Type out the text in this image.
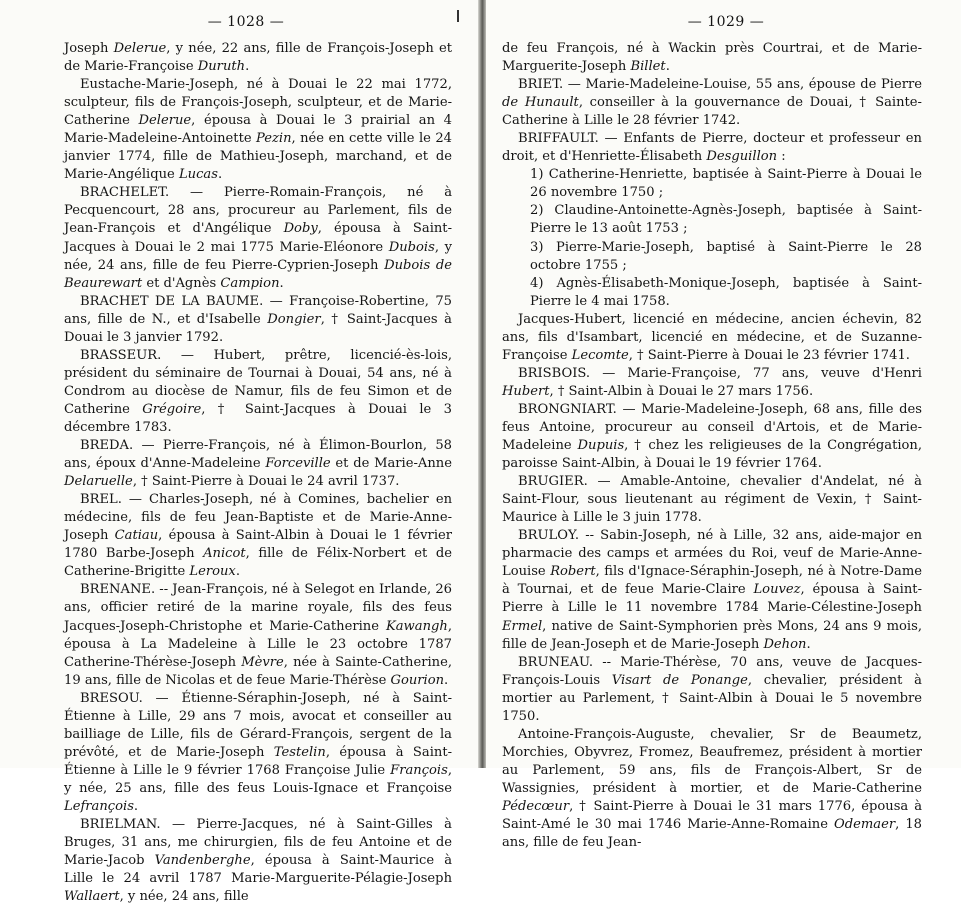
— 1028 —

Joseph Delerue, y née, 22 ans, fille de François-Joseph et de Marie-Françoise Duruth.

Eustache-Marie-Joseph, né à Douai le 22 mai 1772, sculpteur, fils de François-Joseph, sculpteur, et de Marie-Catherine Delerue, épousa à Douai le 3 prairial an 4 Marie-Madeleine-Antoinette Pezin, née en cette ville le 24 janvier 1774, fille de Mathieu-Joseph, marchand, et de Marie-Angélique Lucas.

BRACHELET. — Pierre-Romain-François, né à Pecquencourt, 28 ans, procureur au Parlement, fils de Jean-François et d'Angélique Doby, épousa à Saint-Jacques à Douai le 2 mai 1775 Marie-Eléonore Dubois, y née, 24 ans, fille de feu Pierre-Cyprien-Joseph Dubois de Beaurewart et d'Agnès Campion.

BRACHET DE LA BAUME. — Françoise-Robertine, 75 ans, fille de N., et d'Isabelle Dongier, † Saint-Jacques à Douai le 3 janvier 1792.

BRASSEUR. — Hubert, prêtre, licencié-ès-lois, président du séminaire de Tournai à Douai, 54 ans, né à Condrom au diocèse de Namur, fils de feu Simon et de Catherine Grégoire, † Saint-Jacques à Douai le 3 décembre 1783.

BREDA. — Pierre-François, né à Élimon-Bourlon, 58 ans, époux d'Anne-Madeleine Forceville et de Marie-Anne Delaruelle, † Saint-Pierre à Douai le 24 avril 1737.

BREL. — Charles-Joseph, né à Comines, bachelier en médecine, fils de feu Jean-Baptiste et de Marie-Anne-Joseph Catiau, épousa à Saint-Albin à Douai le 1 février 1780 Barbe-Joseph Anicot, fille de Félix-Norbert et de Catherine-Brigitte Leroux.

BRENANE. -- Jean-François, né à Selegot en Irlande, 26 ans, officier retiré de la marine royale, fils des feus Jacques-Joseph-Christophe et Marie-Catherine Kawangh, épousa à La Madeleine à Lille le 23 octobre 1787 Catherine-Thérèse-Joseph Mèvre, née à Sainte-Catherine, 19 ans, fille de Nicolas et de feue Marie-Thérèse Gourion.

BRESOU. — Étienne-Séraphin-Joseph, né à Saint-Étienne à Lille, 29 ans 7 mois, avocat et conseiller au bailliage de Lille, fils de Gérard-François, sergent de la prévôté, et de Marie-Joseph Testelin, épousa à Saint-Étienne à Lille le 9 février 1768 Françoise Julie François, y née, 25 ans, fille des feus Louis-Ignace et Françoise Lefrançois.

BRIELMAN. — Pierre-Jacques, né à Saint-Gilles à Bruges, 31 ans, me chirurgien, fils de feu Antoine et de Marie-Jacob Vandenberghe, épousa à Saint-Maurice à Lille le 24 avril 1787 Marie-Marguerite-Pélagie-Joseph Wallaert, y née, 24 ans, fille

— 1029 —

de feu François, né à Wackin près Courtrai, et de Marie-Marguerite-Joseph Billet.

BRIET. — Marie-Madeleine-Louise, 55 ans, épouse de Pierre de Hunault, conseiller à la gouvernance de Douai, † Sainte-Catherine à Lille le 28 février 1742.

BRIFFAULT. — Enfants de Pierre, docteur et professeur en droit, et d'Henriette-Élisabeth Desguillon :

1) Catherine-Henriette, baptisée à Saint-Pierre à Douai le 26 novembre 1750 ;

2) Claudine-Antoinette-Agnès-Joseph, baptisée à Saint-Pierre le 13 août 1753 ;

3) Pierre-Marie-Joseph, baptisé à Saint-Pierre le 28 octobre 1755 ;

4) Agnès-Élisabeth-Monique-Joseph, baptisée à Saint-Pierre le 4 mai 1758.

Jacques-Hubert, licencié en médecine, ancien échevin, 82 ans, fils d'Isambart, licencié en médecine, et de Suzanne-Françoise Lecomte, † Saint-Pierre à Douai le 23 février 1741.

BRISBOIS. — Marie-Françoise, 77 ans, veuve d'Henri Hubert, † Saint-Albin à Douai le 27 mars 1756.

BRONGNIART. — Marie-Madeleine-Joseph, 68 ans, fille des feus Antoine, procureur au conseil d'Artois, et de Marie-Madeleine Dupuis, † chez les religieuses de la Congrégation, paroisse Saint-Albin, à Douai le 19 février 1764.

BRUGIER. — Amable-Antoine, chevalier d'Andelat, né à Saint-Flour, sous lieutenant au régiment de Vexin, † Saint-Maurice à Lille le 3 juin 1778.

BRULOY. -- Sabin-Joseph, né à Lille, 32 ans, aide-major en pharmacie des camps et armées du Roi, veuf de Marie-Anne-Louise Robert, fils d'Ignace-Séraphin-Joseph, né à Notre-Dame à Tournai, et de feue Marie-Claire Louvez, épousa à Saint-Pierre à Lille le 11 novembre 1784 Marie-Célestine-Joseph Ermel, native de Saint-Symphorien près Mons, 24 ans 9 mois, fille de Jean-Joseph et de Marie-Joseph Dehon.

BRUNEAU. -- Marie-Thérèse, 70 ans, veuve de Jacques-François-Louis Visart de Ponange, chevalier, président à mortier au Parlement, † Saint-Albin à Douai le 5 novembre 1750.

Antoine-François-Auguste, chevalier, Sr de Beaumetz, Morchies, Obyvrez, Fromez, Beaufremez, président à mortier au Parlement, 59 ans, fils de François-Albert, Sr de Wassignies, président à mortier, et de Marie-Catherine Pédecœur, † Saint-Pierre à Douai le 31 mars 1776, épousa à Saint-Amé le 30 mai 1746 Marie-Anne-Romaine Odemaer, 18 ans, fille de feu Jean-
